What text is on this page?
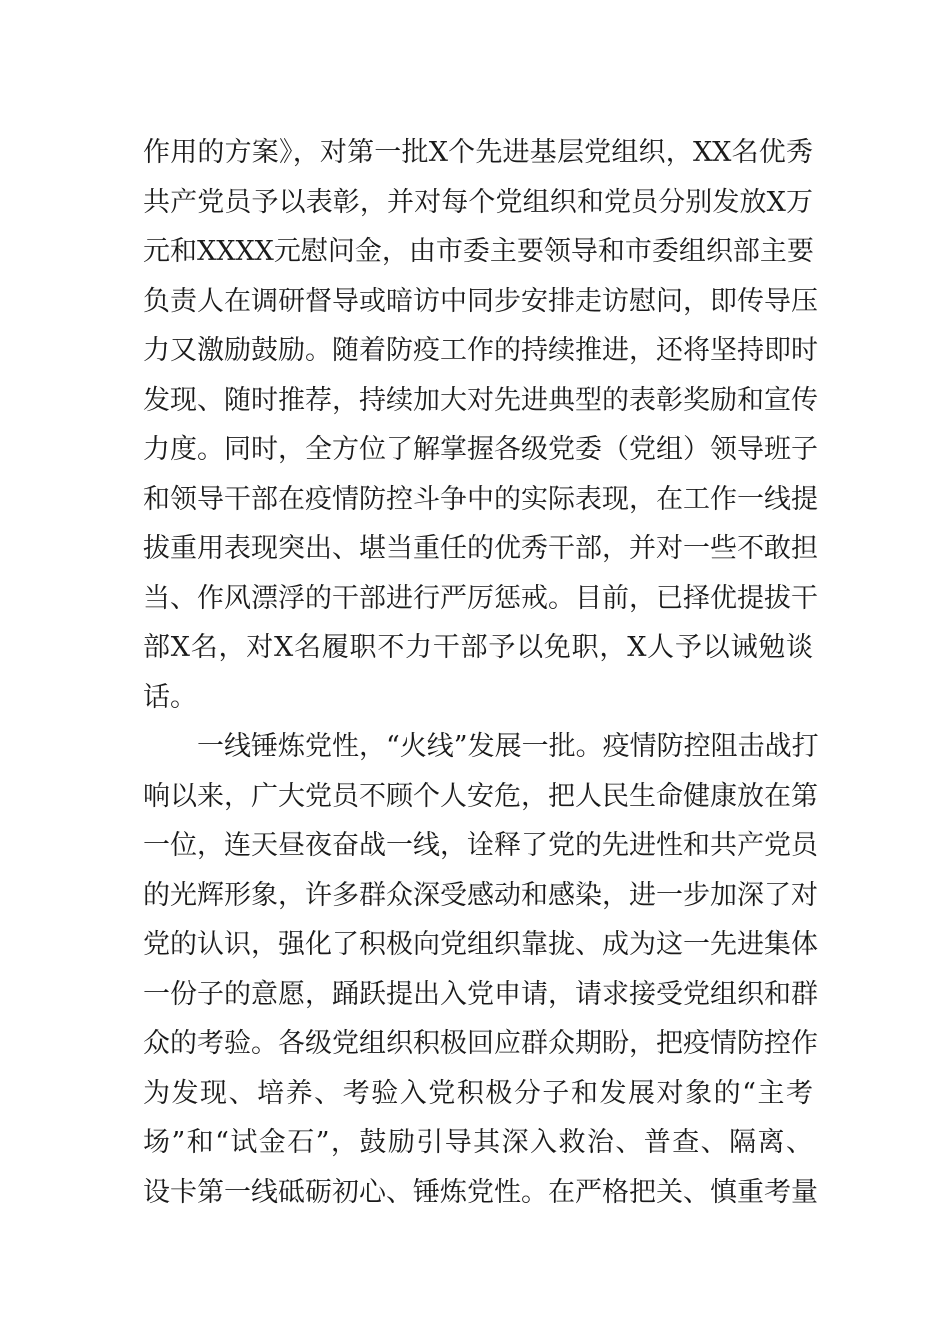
作用的方案》，对第一批X个先进基层党组织，XX名优秀
共产党员予以表彰，并对每个党组织和党员分别发放X万
元和XXXX元慰问金，由市委主要领导和市委组织部主要
负责人在调研督导或暗访中同步安排走访慰问，即传导压
力又激励鼓励。随着防疫工作的持续推进，还将坚持即时
发现、随时推荐，持续加大对先进典型的表彰奖励和宣传
力度。同时，全方位了解掌握各级党委（党组）领导班子
和领导干部在疫情防控斗争中的实际表现，在工作一线提
拔重用表现突出、堪当重任的优秀干部，并对一些不敢担
当、作风漂浮的干部进行严厉惩戒。目前，已择优提拔干
部X名，对X名履职不力干部予以免职，X人予以诫勉谈
话。
一线锤炼党性，“火线”发展一批。疫情防控阻击战打
响以来，广大党员不顾个人安危，把人民生命健康放在第
一位，连天昼夜奋战一线，诠释了党的先进性和共产党员
的光辉形象，许多群众深受感动和感染，进一步加深了对
党的认识，强化了积极向党组织靠拢、成为这一先进集体
一份子的意愿，踊跃提出入党申请，请求接受党组织和群
众的考验。各级党组织积极回应群众期盼，把疫情防控作
为发现、培养、考验入党积极分子和发展对象的“主考
场”和“试金石”，鼓励引导其深入救治、普查、隔离、
设卡第一线砥砺初心、锤炼党性。在严格把关、慎重考量
